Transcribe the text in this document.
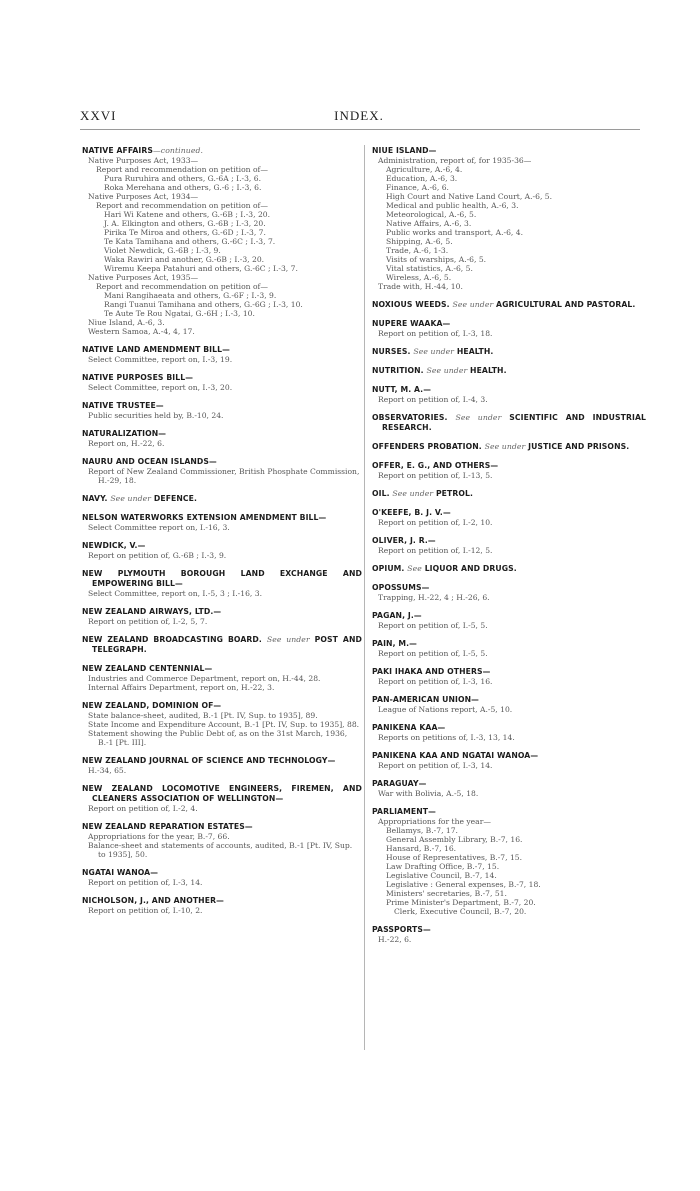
XXVI	INDEX.
NATIVE AFFAIRS—continued.
Native Purposes Act, 1933—
Report and recommendation on petition of—
Pura Ruruhira and others, G.-6A ; I.-3, 6.
Roka Merehana and others, G.-6 ; I.-3, 6.
Native Purposes Act, 1934—
Report and recommendation on petition of—
Hari Wi Katene and others, G.-6B ; I.-3, 20.
J. A. Elkington and others, G.-6B ; I.-3, 20.
Pirika Te Miroa and others, G.-6D ; I.-3, 7.
Te Kata Tamihana and others, G.-6C ; I.-3, 7.
Violet Newdick, G.-6B ; I.-3, 9.
Waka Rawiri and another, G.-6B ; I.-3, 20.
Wiremu Keepa Patahuri and others, G.-6C ; I.-3, 7.
Native Purposes Act, 1935—
Report and recommendation on petition of—
Mani Rangihaeata and others, G.-6F ; I.-3, 9.
Rangi Tuanui Tamihana and others, G.-6G ; I.-3, 10.
Te Aute Te Rou Ngatai, G.-6H ; I.-3, 10.
Niue Island, A.-6, 3.
Western Samoa, A.-4, 4, 17.
NATIVE LAND AMENDMENT BILL—
Select Committee, report on, I.-3, 19.
NATIVE PURPOSES BILL—
Select Committee, report on, I.-3, 20.
NATIVE TRUSTEE—
Public securities held by, B.-10, 24.
NATURALIZATION—
Report on, H.-22, 6.
NAURU AND OCEAN ISLANDS—
Report of New Zealand Commissioner, British Phosphate Commission, H.-29, 18.
NAVY. See under DEFENCE.
NELSON WATERWORKS EXTENSION AMENDMENT BILL—
Select Committee report on, I.-16, 3.
NEWDICK, V.—
Report on petition of, G.-6B ; I.-3, 9.
NEW PLYMOUTH BOROUGH LAND EXCHANGE AND EMPOWERING BILL—
Select Committee, report on, I.-5, 3 ; I.-16, 3.
NEW ZEALAND AIRWAYS, LTD.—
Report on petition of, I.-2, 5, 7.
NEW ZEALAND BROADCASTING BOARD. See under POST AND TELEGRAPH.
NEW ZEALAND CENTENNIAL—
Industries and Commerce Department, report on, H.-44, 28.
Internal Affairs Department, report on, H.-22, 3.
NEW ZEALAND, DOMINION OF—
State balance-sheet, audited, B.-1 [Pt. IV, Sup. to 1935], 89.
State Income and Expenditure Account, B.-1 [Pt. IV, Sup. to 1935], 88.
Statement showing the Public Debt of, as on the 31st March, 1936, B.-1 [Pt. III].
NEW ZEALAND JOURNAL OF SCIENCE AND TECHNOLOGY—
H.-34, 65.
NEW ZEALAND LOCOMOTIVE ENGINEERS, FIREMEN, AND CLEANERS ASSOCIATION OF WELLINGTON—
Report on petition of, I.-2, 4.
NEW ZEALAND REPARATION ESTATES—
Appropriations for the year, B.-7, 66.
Balance-sheet and statements of accounts, audited, B.-1 [Pt. IV, Sup. to 1935], 50.
NGATAI WANOA—
Report on petition of, I.-3, 14.
NICHOLSON, J., AND ANOTHER—
Report on petition of, I.-10, 2.
NIUE ISLAND—
Administration, report of, for 1935-36—
Agriculture, A.-6, 4.
Education, A.-6, 3.
Finance, A.-6, 6.
High Court and Native Land Court, A.-6, 5.
Medical and public health, A.-6, 3.
Meteorological, A.-6, 5.
Native Affairs, A.-6, 3.
Public works and transport, A.-6, 4.
Shipping, A.-6, 5.
Trade, A.-6, 1-3.
Visits of warships, A.-6, 5.
Vital statistics, A.-6, 5.
Wireless, A.-6, 5.
Trade with, H.-44, 10.
NOXIOUS WEEDS. See under AGRICULTURAL AND PASTORAL.
NUPERE WAAKA—
Report on petition of, I.-3, 18.
NURSES. See under HEALTH.
NUTRITION. See under HEALTH.
NUTT, M. A.—
Report on petition of, I.-4, 3.
OBSERVATORIES. See under SCIENTIFIC AND INDUSTRIAL RESEARCH.
OFFENDERS PROBATION. See under JUSTICE AND PRISONS.
OFFER, E. G., AND OTHERS—
Report on petition of, I.-13, 5.
OIL. See under PETROL.
O'KEEFE, B. J. V.—
Report on petition of, I.-2, 10.
OLIVER, J. R.—
Report on petition of, I.-12, 5.
OPIUM. See LIQUOR AND DRUGS.
OPOSSUMS—
Trapping, H.-22, 4 ; H.-26, 6.
PAGAN, J.—
Report on petition of, I.-5, 5.
PAIN, M.—
Report on petition of, I.-5, 5.
PAKI IHAKA AND OTHERS—
Report on petition of, I.-3, 16.
PAN-AMERICAN UNION—
League of Nations report, A.-5, 10.
PANIKENA KAA—
Reports on petitions of, I.-3, 13, 14.
PANIKENA KAA AND NGATAI WANOA—
Report on petition of, I.-3, 14.
PARAGUAY—
War with Bolivia, A.-5, 18.
PARLIAMENT—
Appropriations for the year—
Bellamys, B.-7, 17.
General Assembly Library, B.-7, 16.
Hansard, B.-7, 16.
House of Representatives, B.-7, 15.
Law Drafting Office, B.-7, 15.
Legislative Council, B.-7, 14.
Legislative : General expenses, B.-7, 18.
Ministers' secretaries, B.-7, 51.
Prime Minister's Department, B.-7, 20.
Clerk, Executive Council, B.-7, 20.
PASSPORTS—
H.-22, 6.
